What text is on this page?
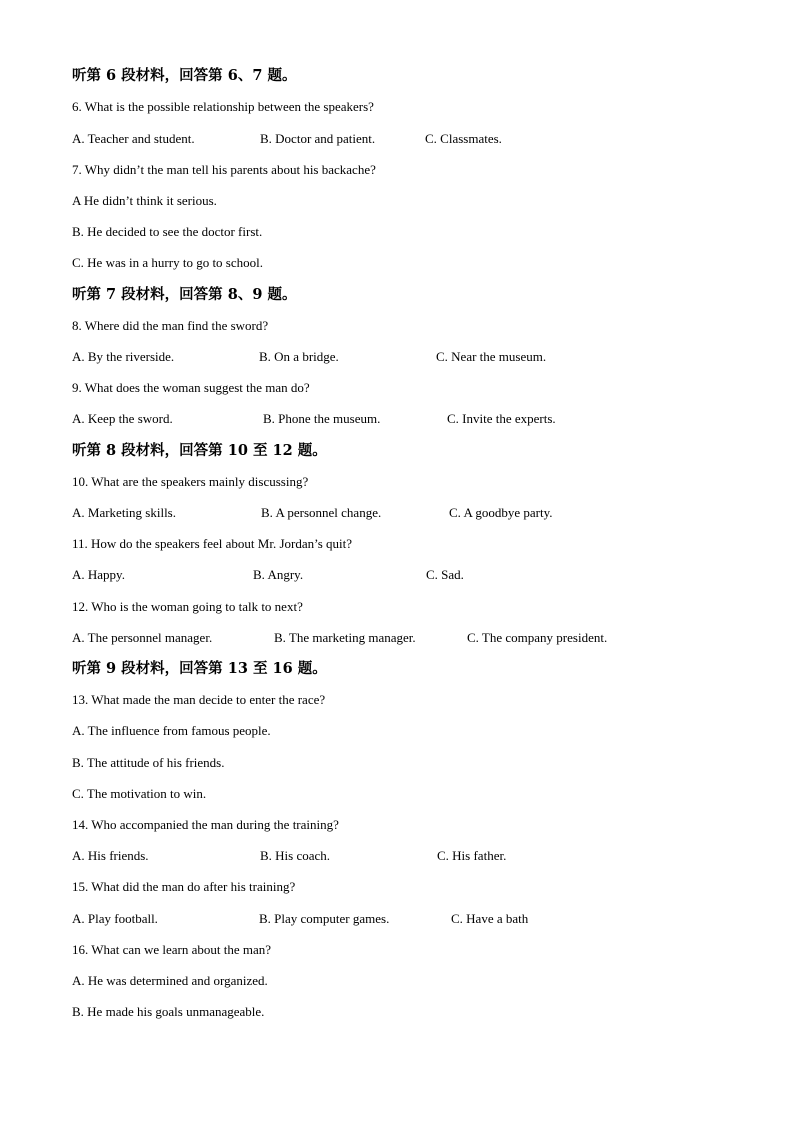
听第 6 段材料，回答第 6、7 题。
6. What is the possible relationship between the speakers?
A. Teacher and student.	B. Doctor and patient.	C. Classmates.
7. Why didn’t the man tell his parents about his backache?
A He didn’t think it serious.
B. He decided to see the doctor first.
C. He was in a hurry to go to school.
听第 7 段材料，回答第 8、9 题。
8. Where did the man find the sword?
A. By the riverside.	B. On a bridge.	C. Near the museum.
9. What does the woman suggest the man do?
A. Keep the sword.	B. Phone the museum.	C. Invite the experts.
听第 8 段材料，回答第 10 至 12 题。
10. What are the speakers mainly discussing?
A. Marketing skills.	B. A personnel change.	C. A goodbye party.
11. How do the speakers feel about Mr. Jordan’s quit?
A. Happy.	B. Angry.	C. Sad.
12. Who is the woman going to talk to next?
A. The personnel manager.	B. The marketing manager.	C. The company president.
听第 9 段材料，回答第 13 至 16 题。
13. What made the man decide to enter the race?
A. The influence from famous people.
B. The attitude of his friends.
C. The motivation to win.
14. Who accompanied the man during the training?
A. His friends.	B. His coach.	C. His father.
15. What did the man do after his training?
A. Play football.	B. Play computer games.	C. Have a bath
16. What can we learn about the man?
A. He was determined and organized.
B. He made his goals unmanageable.
